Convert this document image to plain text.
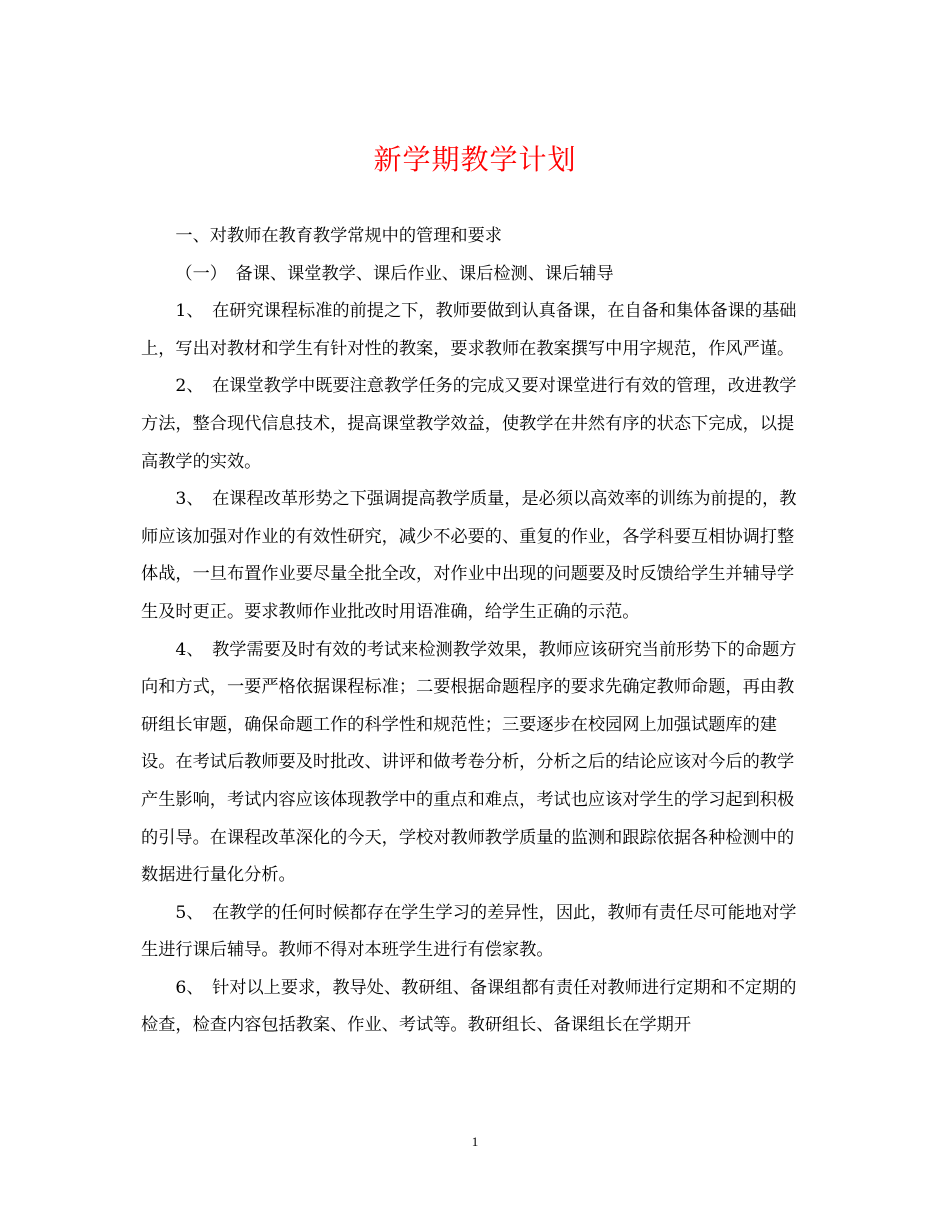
新学期教学计划

一、对教师在教育教学常规中的管理和要求

（一）　备课、课堂教学、课后作业、课后检测、课后辅导

1、　在研究课程标准的前提之下，教师要做到认真备课，在自备和集体备课的基础上，写出对教材和学生有针对性的教案，要求教师在教案撰写中用字规范，作风严谨。

2、　在课堂教学中既要注意教学任务的完成又要对课堂进行有效的管理，改进教学方法，整合现代信息技术，提高课堂教学效益，使教学在井然有序的状态下完成，以提高教学的实效。

3、　在课程改革形势之下强调提高教学质量，是必须以高效率的训练为前提的，教师应该加强对作业的有效性研究，减少不必要的、重复的作业，各学科要互相协调打整体战，一旦布置作业要尽量全批全改，对作业中出现的问题要及时反馈给学生并辅导学生及时更正。要求教师作业批改时用语准确，给学生正确的示范。

4、　教学需要及时有效的考试来检测教学效果，教师应该研究当前形势下的命题方向和方式，一要严格依据课程标准；二要根据命题程序的要求先确定教师命题，再由教研组长审题，确保命题工作的科学性和规范性；三要逐步在校园网上加强试题库的建设。在考试后教师要及时批改、讲评和做考卷分析，分析之后的结论应该对今后的教学产生影响，考试内容应该体现教学中的重点和难点，考试也应该对学生的学习起到积极的引导。在课程改革深化的今天，学校对教师教学质量的监测和跟踪依据各种检测中的数据进行量化分析。

5、　在教学的任何时候都存在学生学习的差异性，因此，教师有责任尽可能地对学生进行课后辅导。教师不得对本班学生进行有偿家教。

6、　针对以上要求，教导处、教研组、备课组都有责任对教师进行定期和不定期的检查，检查内容包括教案、作业、考试等。教研组长、备课组长在学期开

1
